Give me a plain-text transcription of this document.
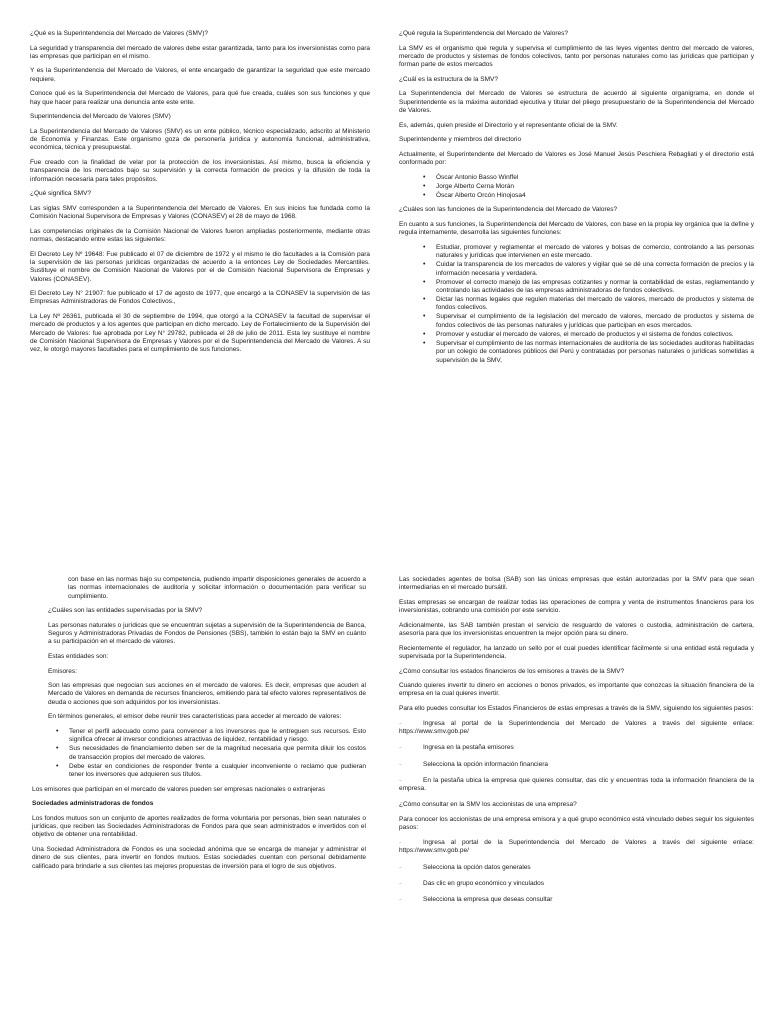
¿Qué es la Superintendencia del Mercado de Valores (SMV)?

La seguridad y transparencia del mercado de valores debe estar garantizada, tanto para los inversionistas como para las empresas que participan en el mismo.

Y es la Superintendencia del Mercado de Valores, el ente encargado de garantizar la seguridad que este mercado requiere.

Conoce qué es la Superintendencia del Mercado de Valores, para qué fue creada, cuáles son sus funciones y que hay que hacer para realizar una denuncia ante este ente.

Superintendencia del Mercado de Valores (SMV)

La Superintendencia del Mercado de Valores (SMV) es un ente público, técnico especializado, adscrito al Ministerio de Economía y Finanzas. Este organismo goza de personería jurídica y autonomía funcional, administrativa, económica, técnica y presupuestal.

Fue creado con la finalidad de velar por la protección de los inversionistas. Así mismo, busca la eficiencia y transparencia de los mercados bajo su supervisión y la correcta formación de precios y la difusión de toda la información necesaria para tales propósitos.

¿Qué significa SMV?

Las siglas SMV corresponden a la Superintendencia del Mercado de Valores. En sus inicios fue fundada como la Comisión Nacional Supervisora de Empresas y Valores (CONASEV) el 28 de mayo de 1968.

Las competencias originales de la Comisión Nacional de Valores fueron ampliadas posteriormente, mediante otras normas, destacando entre estas las siguientes:

El Decreto Ley Nº 19648: Fue publicado el 07 de diciembre de 1972 y el mismo le dio facultades a la Comisión para la supervisión de las personas jurídicas organizadas de acuerdo a la entonces Ley de Sociedades Mercantiles. Sustituye el nombre de Comisión Nacional de Valores por el de Comisión Nacional Supervisora de Empresas y Valores (CONASEV).

El Decreto Ley N° 21907: fue publicado el 17 de agosto de 1977, que encargó a la CONASEV la supervisión de las Empresas Administradoras de Fondos Colectivos.,

La Ley Nº 26361, publicada el 30 de septiembre de 1994, que otorgó a la CONASEV la facultad de supervisar el mercado de productos y a los agentes que participan en dicho mercado. Ley de Fortalecimiento de la Supervisión del Mercado de Valores: fue aprobada por Ley N° 29782, publicada el 28 de julio de 2011. Esta ley sustituye el nombre de Comisión Nacional Supervisora de Empresas y Valores por el de Superintendencia del Mercado de Valores. A su vez, le otorgó mayores facultades para el cumplimiento de sus funciones.

¿Qué regula la Superintendencia del Mercado de Valores?

La SMV es el organismo que regula y supervisa el cumplimiento de las leyes vigentes dentro del mercado de valores, mercado de productos y sistemas de fondos colectivos, tanto por personas naturales como las jurídicas que participan y forman parte de estos mercados

¿Cuál es la estructura de la SMV?

La Superintendencia del Mercado de Valores se estructura de acuerdo al siguiente organigrama, en donde el Superintendente es la máxima autoridad ejecutiva y titular del pliego presupuestario de la Superintendencia del Mercado de Valores.

Es, además, quien preside el Directorio y el representante oficial de la SMV.

Superintendente y miembros del directorio

Actualmente, el Superintendente del Mercado de Valores es José Manuel Jesús Peschiera Rebagliati y el directorio está conformado por:

• Óscar Antonio Basso Winffel
• Jorge Alberto Cerna Morán
• Óscar Alberto Orcón Hinojosa4

¿Cuáles son las funciones de la Superintendencia del Mercado de Valores?

En cuanto a sus funciones, la Superintendencia del Mercado de Valores, con base en la propia ley orgánica que la define y regula internamente, desarrolla las siguientes funciones:

• Estudiar, promover y reglamentar el mercado de valores y bolsas de comercio, controlando a las personas naturales y jurídicas que intervienen en este mercado.
• Cuidar la transparencia de los mercados de valores y vigilar que se dé una correcta formación de precios y la información necesaria y verdadera.
• Promover el correcto manejo de las empresas cotizantes y normar la contabilidad de estas, reglamentando y controlando las actividades de las empresas administradoras de fondos colectivos.
• Dictar las normas legales que regulen materias del mercado de valores, mercado de productos y sistema de fondos colectivos.
• Supervisar el cumplimiento de la legislación del mercado de valores, mercado de productos y sistema de fondos colectivos de las personas naturales y jurídicas que participan en esos mercados.
• Promover y estudiar el mercado de valores, el mercado de productos y el sistema de fondos colectivos.
• Supervisar el cumplimiento de las normas internacionales de auditoría de las sociedades auditoras habilitadas por un colegio de contadores públicos del Perú y contratadas por personas naturales o jurídicas sometidas a supervisión de la SMV,

con base en las normas bajo su competencia, pudiendo impartir disposiciones generales de acuerdo a las normas internacionales de auditoría y solicitar información o documentación para verificar su cumplimiento.

¿Cuáles son las entidades supervisadas por la SMV?

Las personas naturales o jurídicas que se encuentran sujetas a supervisión de la Superintendencia de Banca, Seguros y Administradoras Privadas de Fondos de Pensiones (SBS), también lo están bajo la SMV en cuánto a su participación en el mercado de valores.

Estas entidades son:

Emisores:

Son las empresas que negocian sus acciones en el mercado de valores. Es decir, empresas que acuden al Mercado de Valores en demanda de recursos financieros, emitiendo para tal efecto valores representativos de deuda o acciones que son adquiridos por los inversionistas.

En términos generales, el emisor debe reunir tres características para acceder al mercado de valores:

• Tener el perfil adecuado como para convencer a los inversores que le entreguen sus recursos. Esto significa ofrecer al inversor condiciones atractivas de liquidez, rentabilidad y riesgo.
• Sus necesidades de financiamiento deben ser de la magnitud necesaria que permita diluir los costos de transacción propios del mercado de valores.
• Debe estar en condiciones de responder frente a cualquier inconveniente o reclamo que pudieran tener los inversores que adquieren sus títulos.

Los emisores que participan en el mercado de valores pueden ser empresas nacionales o extranjeras

Sociedades administradoras de fondos

Los fondos mutuos son un conjunto de aportes realizados de forma voluntaria por personas, bien sean naturales o jurídicas, que reciben las Sociedades Administradoras de Fondos para que sean administrados e invertidos con el objetivo de obtener una rentabilidad.

Una Sociedad Administradora de Fondos es una sociedad anónima que se encarga de manejar y administrar el dinero de sus clientes, para invertir en fondos mutuos. Estas sociedades cuentan con personal debidamente calificado para brindarle a sus clientes las mejores propuestas de inversión para el logro de sus objetivos.

Las sociedades agentes de bolsa (SAB) son las únicas empresas que están autorizadas por la SMV para que sean intermediarias en el mercado bursátil.

Estas empresas se encargan de realizar todas las operaciones de compra y venta de instrumentos financieros para los inversionistas, cobrando una comisión por este servicio.

Adicionalmente, las SAB también prestan el servicio de resguardo de valores o custodia, administración de cartera, asesoría para que los inversionistas encuentren la mejor opción para su dinero.

Recientemente el regulador, ha lanzado un sello por el cual puedes identificar fácilmente si una entidad está regulada y supervisada por la Superintendencia.

¿Cómo consultar los estados financieros de los emisores a través de la SMV?

Cuando quieres invertir tu dinero en acciones o bonos privados, es importante que conozcas la situación financiera de la empresa en la cual quieres invertir.

Para ello puedes consultar los Estados Financieros de estas empresas a través de la SMV, siguiendo los siguientes pasos:

·	Ingresa al portal de la Superintendencia del Mercado de Valores a través del siguiente enlace: https://www.smv.gob.pe/

·	Ingresa en la pestaña emisores

·	Selecciona la opción información financiera

·	En la pestaña ubica la empresa que quieres consultar, das clic y encuentras toda la información financiera de la empresa.

¿Cómo consultar en la SMV los accionistas de una empresa?

Para conocer los accionistas de una empresa emisora y a qué grupo económico está vinculado debes seguir los siguientes pasos:

·	Ingresa al portal de la Superintendencia del Mercado de Valores a través del siguiente enlace: https://www.smv.gob.pe/

·	Selecciona la opción datos generales

·	Das clic en grupo económico y vinculados

·	Selecciona la empresa que deseas consultar
